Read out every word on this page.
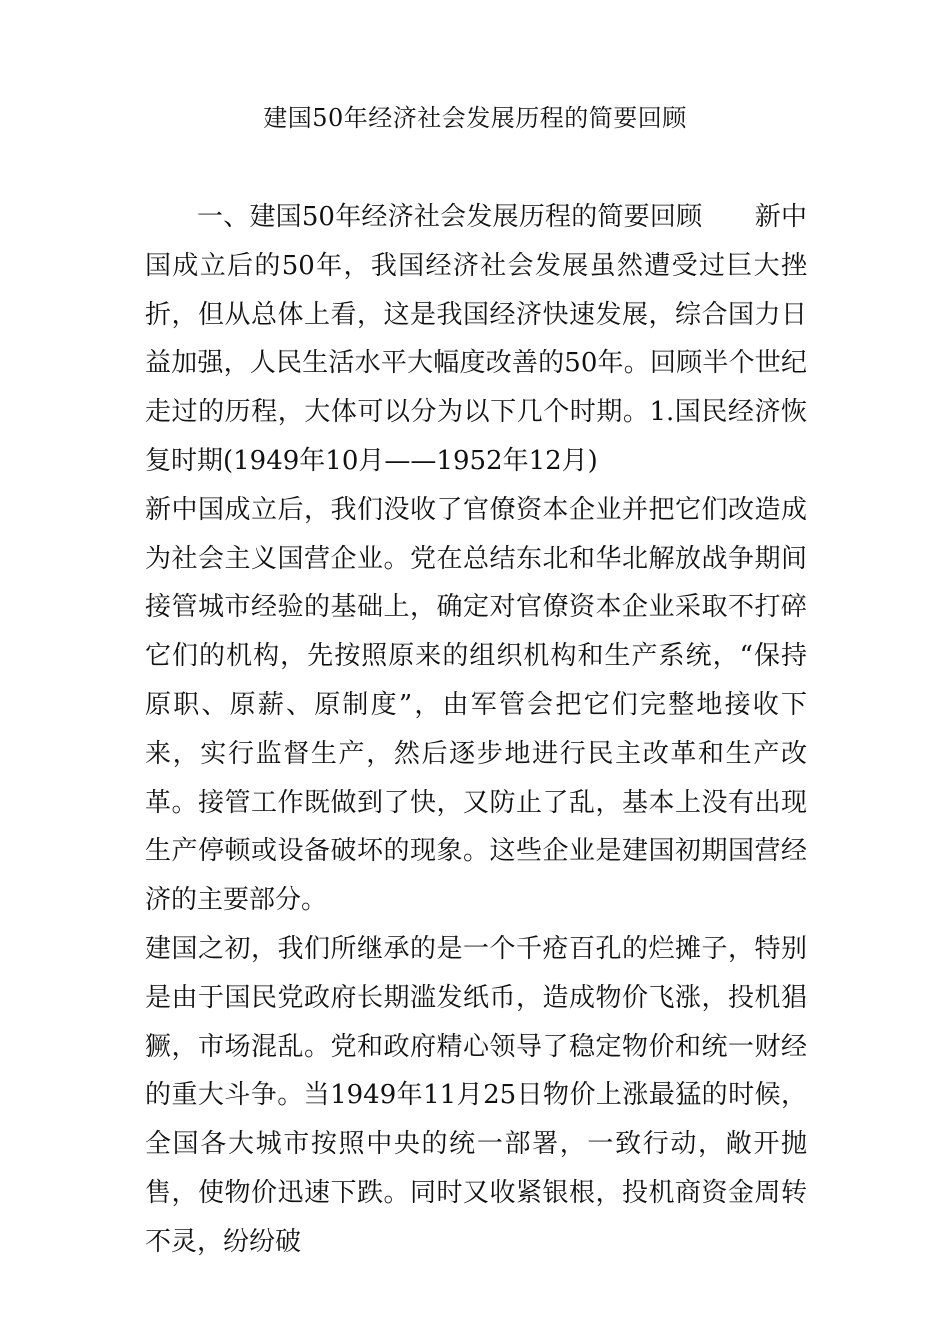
建国50年经济社会发展历程的简要回顾

一、建国50年经济社会发展历程的简要回顾　　新中国成立后的50年，我国经济社会发展虽然遭受过巨大挫折，但从总体上看，这是我国经济快速发展，综合国力日益加强，人民生活水平大幅度改善的50年。回顾半个世纪走过的历程，大体可以分为以下几个时期。1.国民经济恢复时期(1949年10月——1952年12月)

新中国成立后，我们没收了官僚资本企业并把它们改造成为社会主义国营企业。党在总结东北和华北解放战争期间接管城市经验的基础上，确定对官僚资本企业采取不打碎它们的机构，先按照原来的组织机构和生产系统，“保持原职、原薪、原制度”，由军管会把它们完整地接收下来，实行监督生产，然后逐步地进行民主改革和生产改革。接管工作既做到了快，又防止了乱，基本上没有出现生产停顿或设备破坏的现象。这些企业是建国初期国营经济的主要部分。

建国之初，我们所继承的是一个千疮百孔的烂摊子，特别是由于国民党政府长期滥发纸币，造成物价飞涨，投机猖獗，市场混乱。党和政府精心领导了稳定物价和统一财经的重大斗争。当1949年11月25日物价上涨最猛的时候，全国各大城市按照中央的统一部署，一致行动，敞开抛售，使物价迅速下跌。同时又收紧银根，投机商资金周转不灵，纷纷破
